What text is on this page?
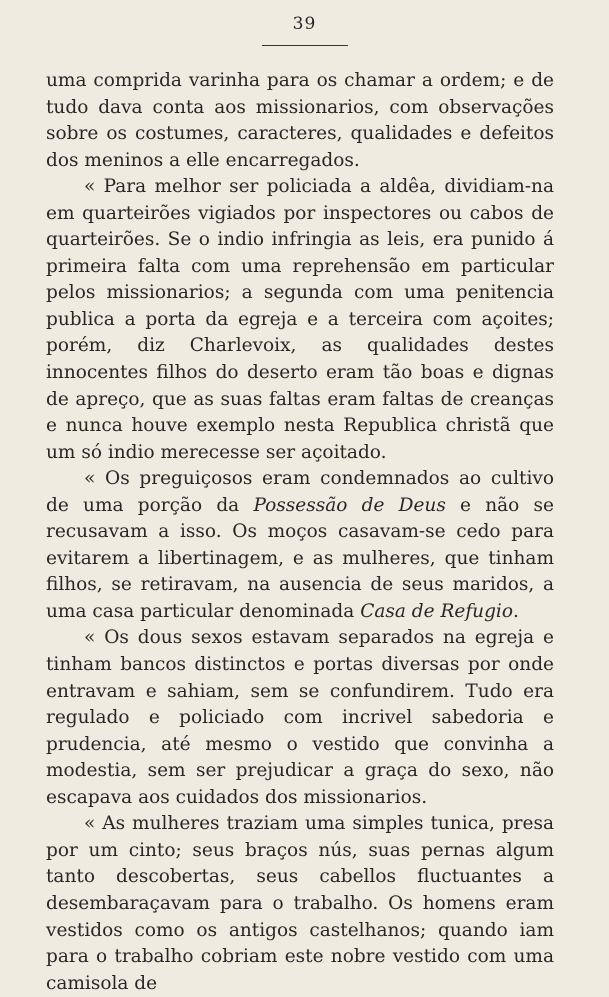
39

uma comprida varinha para os chamar a ordem; e de tudo dava conta aos missionarios, com observações sobre os costumes, caracteres, qualidades e defeitos dos meninos a elle encarregados.

« Para melhor ser policiada a aldêa, dividiam-na em quarteirões vigiados por inspectores ou cabos de quarteirões. Se o indio infringia as leis, era punido á primeira falta com uma reprehensão em particular pelos missionarios; a segunda com uma penitencia publica a porta da egreja e a terceira com açoites; porém, diz Charlevoix, as qualidades destes innocentes filhos do deserto eram tão boas e dignas de apreço, que as suas faltas eram faltas de creanças e nunca houve exemplo nesta Republica christã que um só indio merecesse ser açoitado.

« Os preguiçosos eram condemnados ao cultivo de uma porção da Possessão de Deus e não se recusavam a isso. Os moços casavam-se cedo para evitarem a libertinagem, e as mulheres, que tinham filhos, se retiravam, na ausencia de seus maridos, a uma casa particular denominada Casa de Refugio.

« Os dous sexos estavam separados na egreja e tinham bancos distinctos e portas diversas por onde entravam e sahiam, sem se confundirem. Tudo era regulado e policiado com incrivel sabedoria e prudencia, até mesmo o vestido que convinha a modestia, sem ser prejudicar a graça do sexo, não escapava aos cuidados dos missionarios.

« As mulheres traziam uma simples tunica, presa por um cinto; seus braços nús, suas pernas algum tanto descobertas, seus cabellos fluctuantes a desembaraçavam para o trabalho. Os homens eram vestidos como os antigos castelhanos; quando iam para o trabalho cobriam este nobre vestido com uma camisola de
